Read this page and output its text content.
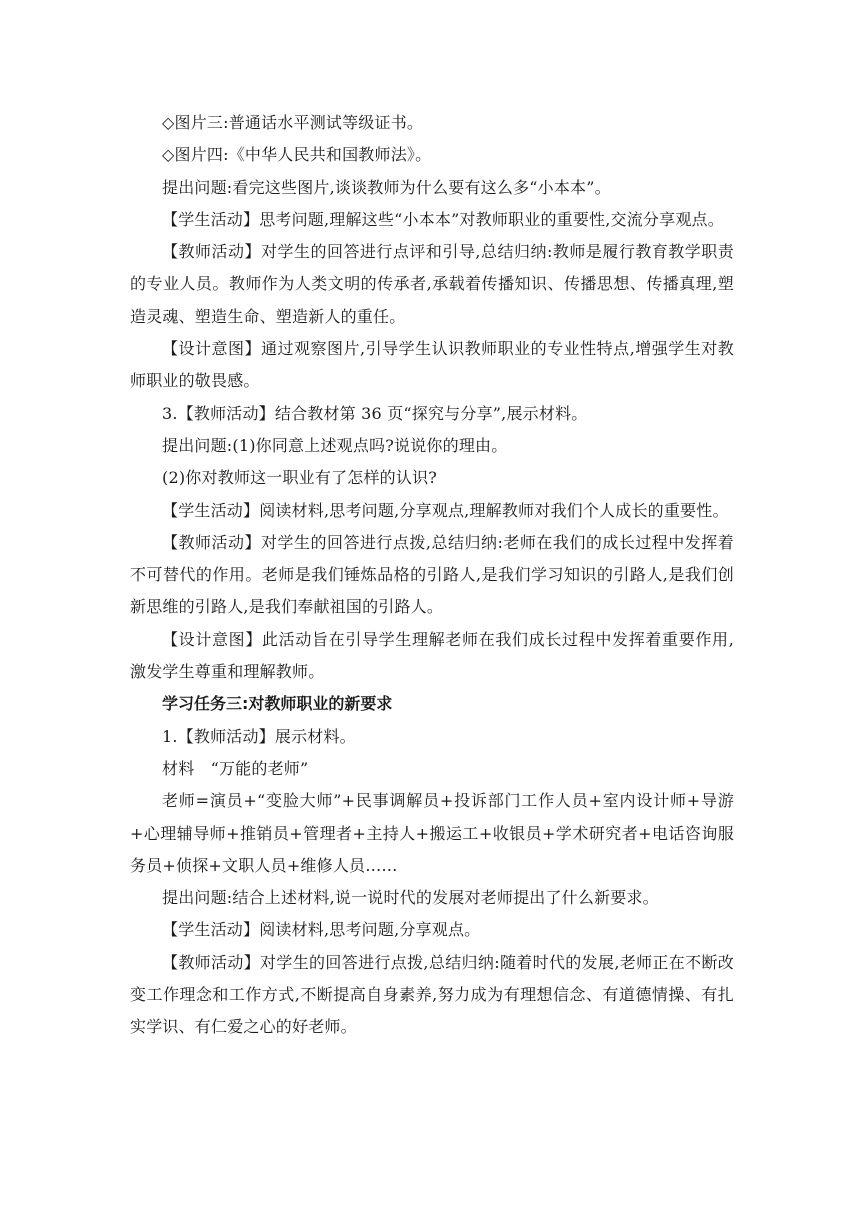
◇图片三:普通话水平测试等级证书。

◇图片四:《中华人民共和国教师法》。

提出问题:看完这些图片,谈谈教师为什么要有这么多“小本本”。

【学生活动】思考问题,理解这些“小本本”对教师职业的重要性,交流分享观点。

【教师活动】对学生的回答进行点评和引导,总结归纳:教师是履行教育教学职责的专业人员。教师作为人类文明的传承者,承载着传播知识、传播思想、传播真理,塑造灵魂、塑造生命、塑造新人的重任。

【设计意图】通过观察图片,引导学生认识教师职业的专业性特点,增强学生对教师职业的敬畏感。

3.【教师活动】结合教材第 36 页“探究与分享”,展示材料。

提出问题:(1)你同意上述观点吗?说说你的理由。

(2)你对教师这一职业有了怎样的认识?

【学生活动】阅读材料,思考问题,分享观点,理解教师对我们个人成长的重要性。

【教师活动】对学生的回答进行点拨,总结归纳:老师在我们的成长过程中发挥着不可替代的作用。老师是我们锤炼品格的引路人,是我们学习知识的引路人,是我们创新思维的引路人,是我们奉献祖国的引路人。

【设计意图】此活动旨在引导学生理解老师在我们成长过程中发挥着重要作用,激发学生尊重和理解教师。

学习任务三:对教师职业的新要求

1.【教师活动】展示材料。

材料　“万能的老师”

老师=演员+“变脸大师”+民事调解员+投诉部门工作人员+室内设计师+导游+心理辅导师+推销员+管理者+主持人+搬运工+收银员+学术研究者+电话咨询服务员+侦探+文职人员+维修人员……

提出问题:结合上述材料,说一说时代的发展对老师提出了什么新要求。

【学生活动】阅读材料,思考问题,分享观点。

【教师活动】对学生的回答进行点拨,总结归纳:随着时代的发展,老师正在不断改变工作理念和工作方式,不断提高自身素养,努力成为有理想信念、有道德情操、有扎实学识、有仁爱之心的好老师。
